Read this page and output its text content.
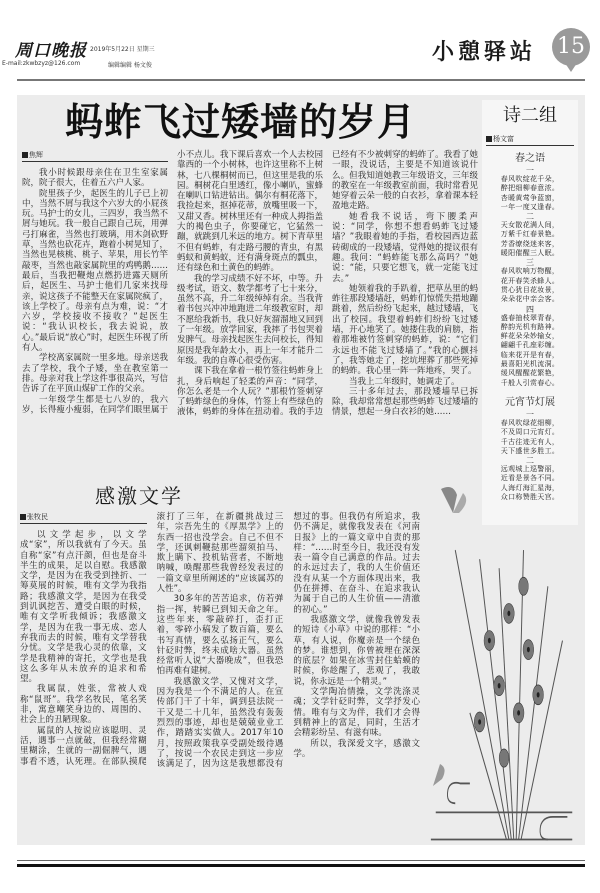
周口晚报 2019年5月22日 星期三
E-mail:zkwbzyz@126.com	编辑编辑 杨文俊
小憩驿站 15
蚂蚱飞过矮墙的岁月
焦辉

我小时候跟母亲住在卫生室家属院，院子很大，住着五六户人家。

院里孩子少，起医生的儿子已上初中，当然不屑与我这个六岁大的小屁孩玩。马护士的女儿，三四岁，我当然不屑与她玩。我一般自己跟自己玩，用弹弓打麻雀，当然也打玻璃，用木剑砍野草，当然也砍花卉，跑着小树晃知了，当然也晃核桃、桃子、苹果，用长竹竿敲枣，当然也敲家属院里的鸡鸭鹅……最后，当我把鞭炮点燃扔进露天厕所后，起医生、马护士他们几家来找母亲，说这孩子不能整天在家属院疯了，该上学校了。母亲有点为难，说：“才六岁，学校接收不接收？”起医生说：“我认识校长，我去说说，放心。”最后说“放心”时，起医生环视了所有人。

学校离家属院一里多地。母亲送我去了学校，我个子矮，坐在教室第一排。母亲对我上学这件事很高兴，写信告诉了在平顶山煤矿工作的父亲。

一年级学生都是七八岁的，我六岁，长得瘦小瘦弱，在同学们眼里属于小不点儿。我下课后喜欢一个人去校园靠西的一个小树林，也许这里称不上树林，七八棵桐树而已，但这里是我的乐园。桐树花白里透红，像小喇叭，蜜蜂在喇叭口钻进钻出。偶尔有桐花落下，我捡起来，抠掉花蒂，放嘴里吸一下，又甜又香。树林里还有一种成人拇指盖大的褐色虫子，你要碰它，它猛然一蹦，就跳到几米远的地方。树下青草里不但有蚂蚱，有走路弓腰的青虫，有黑蚂蚁和黄蚂蚁，还有满身斑点的瓢虫，还有绿色和土黄色的蚂蚱。

我的学习成绩不好不坏，中等。升级考试，语文、数学都考了七十来分，虽然不高，升二年级绰绰有余。当我背着书包兴冲冲地跑进二年级教室时，却不愿给我新书，我只好灰溜溜地又回到了一年级。放学回家，我摔了书包哭着发脾气。母亲找起医生去问校长，得知原因是我年龄太小，再上一年才能升二年级。我的自尊心很受伤害。

课下我在拿着一根竹签往蚂蚱身上扎，身后响起了轻柔的声音：“同学，你怎么老是一个人玩？”那根竹签刺穿了蚂蚱绿色的身体，竹签上有些绿色的液体，蚂蚱的身体在扭动着。我的手边已经有不少被刺穿的蚂蚱了。我看了她一眼，没说话，主要是不知道该说什么。但我知道她教三年级语文，三年级的教室在一年级教室前面，我时常看见她穿着云朵一般的白衣衫，拿着课本轻盈地走路。

她看我不说话，弯下腰柔声说：“同学，你想不想看蚂蚱飞过矮墙？”我眼着她的手指，看校园西边蓝砖砌成的一段矮墙，觉得她的提议很有趣。我问：“蚂蚱能飞那么高吗？”她说：“能，只要它想飞，就一定能飞过去。”

她领着我的手趴着，把草丛里的蚂蚱往那段矮墙赶，蚂蚱们惊慌失措地蹦跳着，然后纷纷飞起来，越过矮墙，飞出了校园。我望着蚂蚱们纷纷飞过矮墙，开心地笑了。她搂住我的肩膀，指着那堆被竹签刺穿的蚂蚱，说：“它们永远也不能飞过矮墙了。”我的心颤抖了，我等她走了，挖坑埋葬了那些死掉的蚂蚱。我心里一阵一阵地疼，哭了。

当我上二年级时，她调走了。

三十多年过去，那段矮墙早已拆除，我却常常想起那些蚂蚱飞过矮墙的情景，想起一身白衣衫的她……

诗二组
杨文富
春之语
一
春风吹绽花千朵，
醉把细柳春意浓。
杏暖黄莺争蓝窗，
一年一度又逢春。
二
天女散花满人间，
万紫千红春景艳。
芳香缭绕迷来客，
暖阳催醒三人眠。
三
春风吹响万物醒，
花开春笑杀蜂人。
贯心犹目花妆景，
朵朵花中亲会客。
四
盛春抽枝翠青春，
醉韵光机有路神。
鲜花朵朵妙输女，
翩翩千孔座彩缠。
临来花开是有春，
最喜阳光机流洞。
缓风醒醒花繁艳，
千般人引赏春心。
元宵节灯展
一
春风吹绿花细柳，
不及周口元宵灯。
千古往迹无有人，
天下盛世多胜工。
二
远观城上巡警丽，
近看是景各不同。
人海灯海汇星海，
众口称赞胜天宫。
感激文学
张牧民

以文学起步，以文学成“家”，所以我就有了今天。虽自称“家”有点汗颜，但也是奋斗半生的成果，足以自慰。我感激文学，是因为在我受到挫折、一筹莫展的时候，唯有文学为我指路；我感激文学，是因为在我受到讥讽挖苦、遭受白眼的时候，唯有文学听我倾诉；我感激文学，是因为在我一事无成、恋人弃我而去的时候，唯有文学替我分忧。文学是我心灵的依靠，文学是我精神的寄托，文学也是我这么多年从未放弃的追求和希望。

我属鼠，姓张，常被人戏称“鼠哥”。我学名牧民，笔名笑非，寓意嘲笑身边的、周围的、社会上的丑陋现象。

属鼠的人按说应该聪明、灵活，遇事一点就破，但我经常糊里糊涂，生就的一副倔脾气，遇事看不透，认死理。在部队摸爬滚打了三年，在新疆挑战过三年，宗吾先生的《厚黑学》上的东西一招也没学会。自己不但不学，还讽刺鞭挞那些溜须拍马、欺上瞒下、投机钻营者，不断地呐喊，唤醒那些我曾经发表过的一篇文章里所阐述的“应该属苏的人性”。

30多年的苦苦追求，仿若弹指一挥，转瞬已到知天命之年。这些年来，零敲碎打，歪打正着，零碎小稿发了数百篇，要么书写真情，要么弘扬正气，要么针砭时弊，终未成啥大器。虽然经常听人说“大器晚成”，但我恐怕再难有建树。

我感激文学，又愧对文学，因为我是一个不满足的人。在宣传部门干了十年，调到县法院一干又是二十几年，虽然没有轰轰烈烈的事迹，却也是兢兢业业工作，踏踏实实做人。2017年10月，按照政策我享受副处级待遇了，按说一个农民走到这一步应该满足了，因为这是我想都没有想过的事。但我仍有所追求，我仍不满足，就像我发表在《河南日报》上的一篇文章中自责的那样：“……时至今日，我还没有发表一篇令自己满意的作品。过去的永远过去了，我的人生价值还没有从某一个方面体现出来，我仍在拼搏、在奋斗、在追求我认为属于自己的人生价值——清澈的初心。”

我感激文学，就像我曾发表的短诗《小草》中说的那样：“小草，有人说，你魔亲是一个绿色的梦。谁想到，你曾被埋在深深的底层？如果在冰雪封住蛤蟆的时候，你趁醒了，悲观了，我敢说，你永远是一个精灵。”

文学陶冶情操，文学洗涤灵魂；文学针砭时弊，文学抒发心情。唯有与文为伴，我们才会得到精神上的富足，同时，生活才会精彩纷呈、有滋有味。

所以，我深爱文字，感激文学。
